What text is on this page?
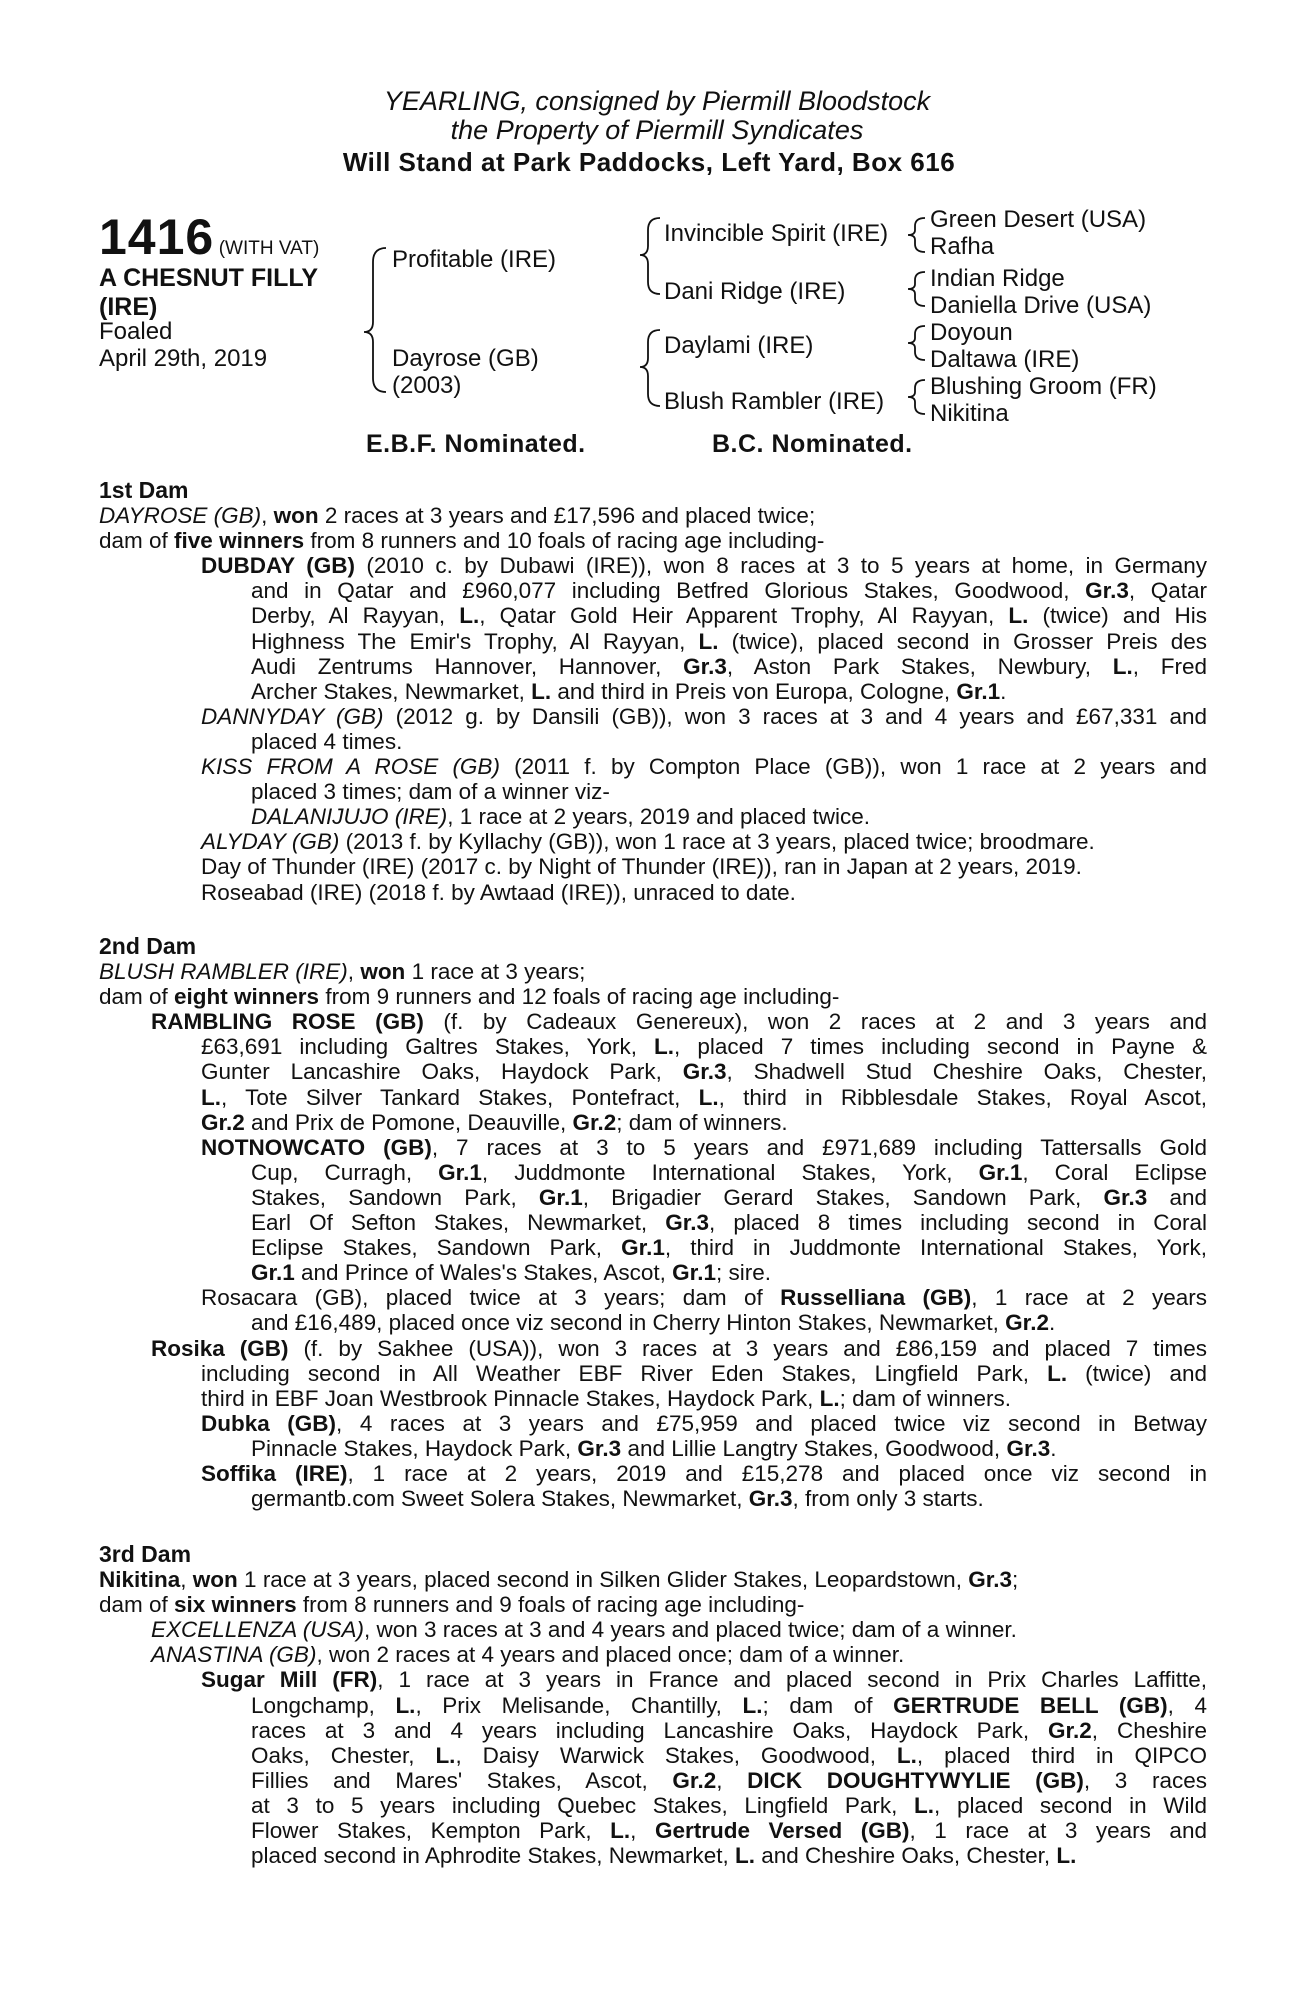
YEARLING, consigned by Piermill Bloodstock
the Property of Piermill Syndicates
Will Stand at Park Paddocks, Left Yard, Box 616
1416 (WITH VAT)
A CHESNUT FILLY
(IRE)
Foaled
April 29th, 2019
Profitable (IRE)
Dayrose (GB)
(2003)
Invincible Spirit (IRE)
Dani Ridge (IRE)
Daylami (IRE)
Blush Rambler (IRE)
Green Desert (USA)
Rafha
Indian Ridge
Daniella Drive (USA)
Doyoun
Daltawa (IRE)
Blushing Groom (FR)
Nikitina
E.B.F. Nominated.	B.C. Nominated.
1st Dam
DAYROSE (GB), won 2 races at 3 years and £17,596 and placed twice;
dam of five winners from 8 runners and 10 foals of racing age including-
DUBDAY (GB) (2010 c. by Dubawi (IRE)), won 8 races at 3 to 5 years at home, in Germany
and in Qatar and £960,077 including Betfred Glorious Stakes, Goodwood, Gr.3, Qatar
Derby, Al Rayyan, L., Qatar Gold Heir Apparent Trophy, Al Rayyan, L. (twice) and His
Highness The Emir's Trophy, Al Rayyan, L. (twice), placed second in Grosser Preis des
Audi Zentrums Hannover, Hannover, Gr.3, Aston Park Stakes, Newbury, L., Fred
Archer Stakes, Newmarket, L. and third in Preis von Europa, Cologne, Gr.1.
DANNYDAY (GB) (2012 g. by Dansili (GB)), won 3 races at 3 and 4 years and £67,331 and
placed 4 times.
KISS FROM A ROSE (GB) (2011 f. by Compton Place (GB)), won 1 race at 2 years and
placed 3 times; dam of a winner viz-
DALANIJUJO (IRE), 1 race at 2 years, 2019 and placed twice.
ALYDAY (GB) (2013 f. by Kyllachy (GB)), won 1 race at 3 years, placed twice; broodmare.
Day of Thunder (IRE) (2017 c. by Night of Thunder (IRE)), ran in Japan at 2 years, 2019.
Roseabad (IRE) (2018 f. by Awtaad (IRE)), unraced to date.
2nd Dam
BLUSH RAMBLER (IRE), won 1 race at 3 years;
dam of eight winners from 9 runners and 12 foals of racing age including-
RAMBLING ROSE (GB) (f. by Cadeaux Genereux), won 2 races at 2 and 3 years and
£63,691 including Galtres Stakes, York, L., placed 7 times including second in Payne &
Gunter Lancashire Oaks, Haydock Park, Gr.3, Shadwell Stud Cheshire Oaks, Chester,
L., Tote Silver Tankard Stakes, Pontefract, L., third in Ribblesdale Stakes, Royal Ascot,
Gr.2 and Prix de Pomone, Deauville, Gr.2; dam of winners.
NOTNOWCATO (GB), 7 races at 3 to 5 years and £971,689 including Tattersalls Gold
Cup, Curragh, Gr.1, Juddmonte International Stakes, York, Gr.1, Coral Eclipse
Stakes, Sandown Park, Gr.1, Brigadier Gerard Stakes, Sandown Park, Gr.3 and
Earl Of Sefton Stakes, Newmarket, Gr.3, placed 8 times including second in Coral
Eclipse Stakes, Sandown Park, Gr.1, third in Juddmonte International Stakes, York,
Gr.1 and Prince of Wales's Stakes, Ascot, Gr.1; sire.
Rosacara (GB), placed twice at 3 years; dam of Russelliana (GB), 1 race at 2 years
and £16,489, placed once viz second in Cherry Hinton Stakes, Newmarket, Gr.2.
Rosika (GB) (f. by Sakhee (USA)), won 3 races at 3 years and £86,159 and placed 7 times
including second in All Weather EBF River Eden Stakes, Lingfield Park, L. (twice) and
third in EBF Joan Westbrook Pinnacle Stakes, Haydock Park, L.; dam of winners.
Dubka (GB), 4 races at 3 years and £75,959 and placed twice viz second in Betway
Pinnacle Stakes, Haydock Park, Gr.3 and Lillie Langtry Stakes, Goodwood, Gr.3.
Soffika (IRE), 1 race at 2 years, 2019 and £15,278 and placed once viz second in
germantb.com Sweet Solera Stakes, Newmarket, Gr.3, from only 3 starts.
3rd Dam
Nikitina, won 1 race at 3 years, placed second in Silken Glider Stakes, Leopardstown, Gr.3;
dam of six winners from 8 runners and 9 foals of racing age including-
EXCELLENZA (USA), won 3 races at 3 and 4 years and placed twice; dam of a winner.
ANASTINA (GB), won 2 races at 4 years and placed once; dam of a winner.
Sugar Mill (FR), 1 race at 3 years in France and placed second in Prix Charles Laffitte,
Longchamp, L., Prix Melisande, Chantilly, L.; dam of GERTRUDE BELL (GB), 4
races at 3 and 4 years including Lancashire Oaks, Haydock Park, Gr.2, Cheshire
Oaks, Chester, L., Daisy Warwick Stakes, Goodwood, L., placed third in QIPCO
Fillies and Mares' Stakes, Ascot, Gr.2, DICK DOUGHTYWYLIE (GB), 3 races
at 3 to 5 years including Quebec Stakes, Lingfield Park, L., placed second in Wild
Flower Stakes, Kempton Park, L., Gertrude Versed (GB), 1 race at 3 years and
placed second in Aphrodite Stakes, Newmarket, L. and Cheshire Oaks, Chester, L.
